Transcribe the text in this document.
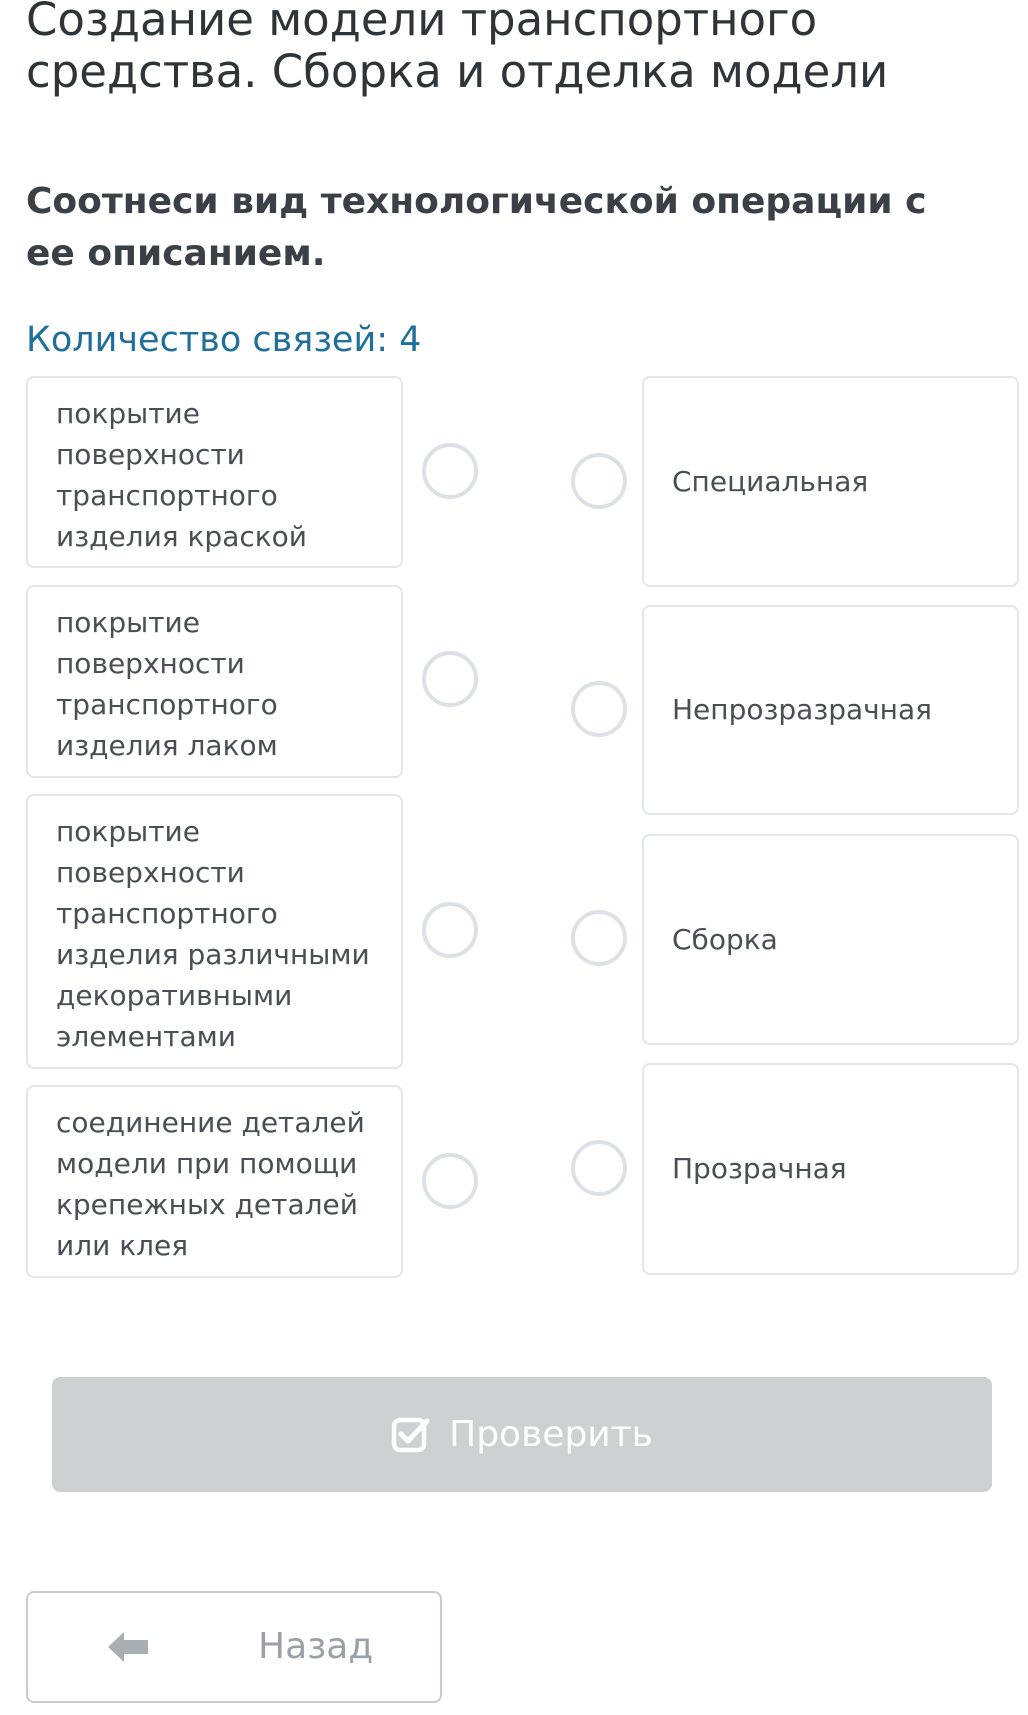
Создание модели транспортного средства. Сборка и отделка модели

Соотнеси вид технологической операции с ее описанием.

Количество связей: 4

покрытие поверхности транспортного изделия краской
покрытие поверхности транспортного изделия лаком
покрытие поверхности транспортного изделия различными декоративными элементами
соединение деталей модели при помощи крепежных деталей или клея
Специальная
Непрозразрачная
Сборка
Прозрачная
Проверить
Назад
